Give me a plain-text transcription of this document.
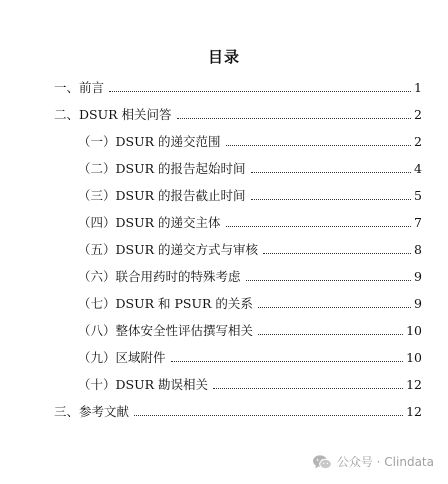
目录
一、前言	1
二、DSUR 相关问答	2
（一）DSUR 的递交范围	2
（二）DSUR 的报告起始时间	4
（三）DSUR 的报告截止时间	5
（四）DSUR 的递交主体	7
（五）DSUR 的递交方式与审核	8
（六）联合用药时的特殊考虑	9
（七）DSUR 和 PSUR 的关系	9
（八）整体安全性评估撰写相关	10
（九）区域附件	10
（十）DSUR 勘误相关	12
三、参考文献	12
公众号 · Clindata
